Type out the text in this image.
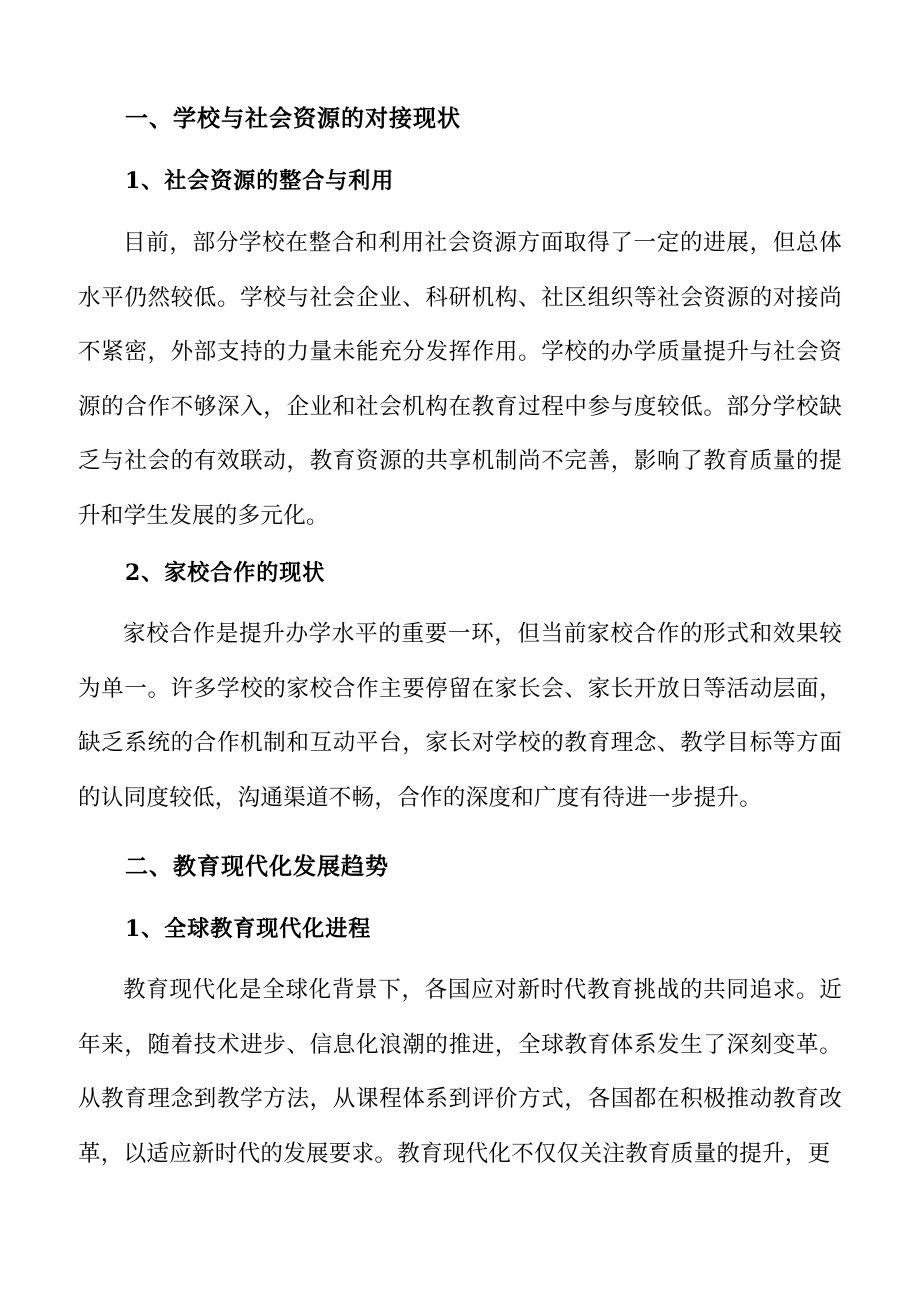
一、学校与社会资源的对接现状
1、社会资源的整合与利用

目前，部分学校在整合和利用社会资源方面取得了一定的进展，但总体水平仍然较低。学校与社会企业、科研机构、社区组织等社会资源的对接尚不紧密，外部支持的力量未能充分发挥作用。学校的办学质量提升与社会资源的合作不够深入，企业和社会机构在教育过程中参与度较低。部分学校缺乏与社会的有效联动，教育资源的共享机制尚不完善，影响了教育质量的提升和学生发展的多元化。

2、家校合作的现状

家校合作是提升办学水平的重要一环，但当前家校合作的形式和效果较为单一。许多学校的家校合作主要停留在家长会、家长开放日等活动层面，缺乏系统的合作机制和互动平台，家长对学校的教育理念、教学目标等方面的认同度较低，沟通渠道不畅，合作的深度和广度有待进一步提升。

二、教育现代化发展趋势
1、全球教育现代化进程

教育现代化是全球化背景下，各国应对新时代教育挑战的共同追求。近年来，随着技术进步、信息化浪潮的推进，全球教育体系发生了深刻变革。从教育理念到教学方法，从课程体系到评价方式，各国都在积极推动教育改革，以适应新时代的发展要求。教育现代化不仅仅关注教育质量的提升，更
